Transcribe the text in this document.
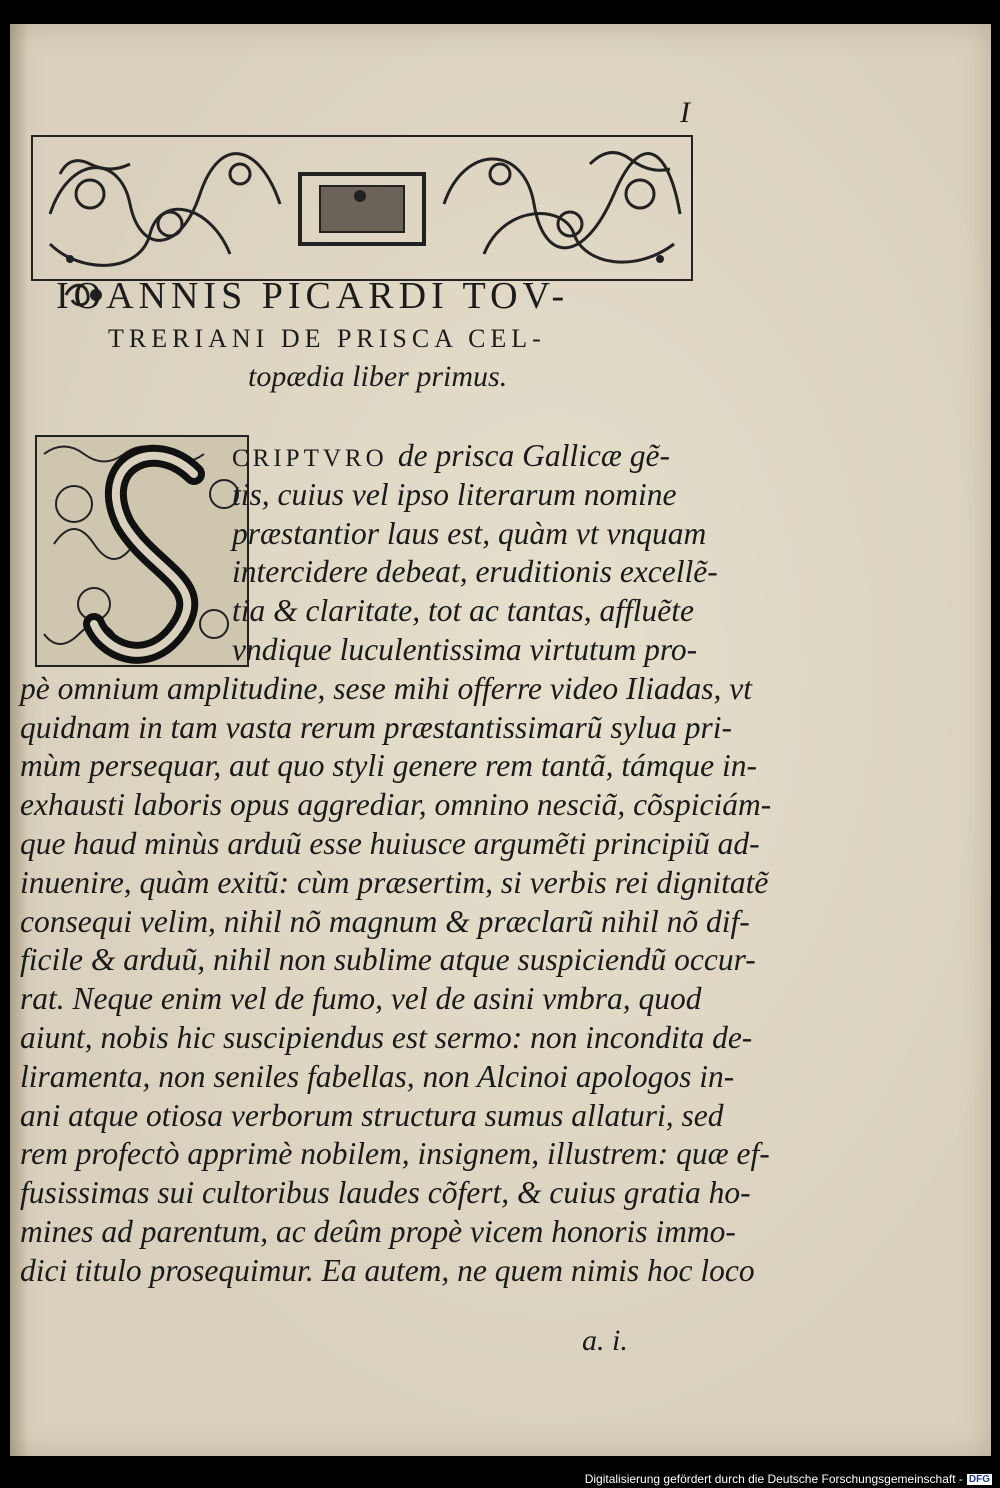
I
IOANNIS PICARDI TOV-
TRERIANI DE PRISCA CEL-
topædia liber primus.
CRIPTVRO de prisca Gallicæ gẽ-
tis, cuius vel ipso literarum nomine
præstantior laus est, quàm vt vnquam
intercidere debeat, eruditionis excellẽ-
tia & claritate, tot ac tantas, affluẽte
vndique luculentissima virtutum pro-
pè omnium amplitudine, sese mihi offerre video Iliadas, vt
quidnam in tam vasta rerum præstantissimarũ sylua pri-
mùm persequar, aut quo styli genere rem tantã, támque in-
exhausti laboris opus aggrediar, omnino nesciã, cõspiciám-
que haud minùs arduũ esse huiusce argumẽti principiũ ad-
inuenire, quàm exitũ: cùm præsertim, si verbis rei dignitatẽ
consequi velim, nihil nõ magnum & præclarũ nihil nõ dif-
ficile & arduũ, nihil non sublime atque suspiciendũ occur-
rat. Neque enim vel de fumo, vel de asini vmbra, quod
aiunt, nobis hic suscipiendus est sermo: non incondita de-
liramenta, non seniles fabellas, non Alcinoi apologos in-
ani atque otiosa verborum structura sumus allaturi, sed
rem profectò apprimè nobilem, insignem, illustrem: quæ ef-
fusissimas sui cultoribus laudes cõfert, & cuius gratia ho-
mines ad parentum, ac deûm propè vicem honoris immo-
dici titulo prosequimur. Ea autem, ne quem nimis hoc loco
a. i.
Digitalisierung gefördert durch die Deutsche Forschungsgemeinschaft - DFG
